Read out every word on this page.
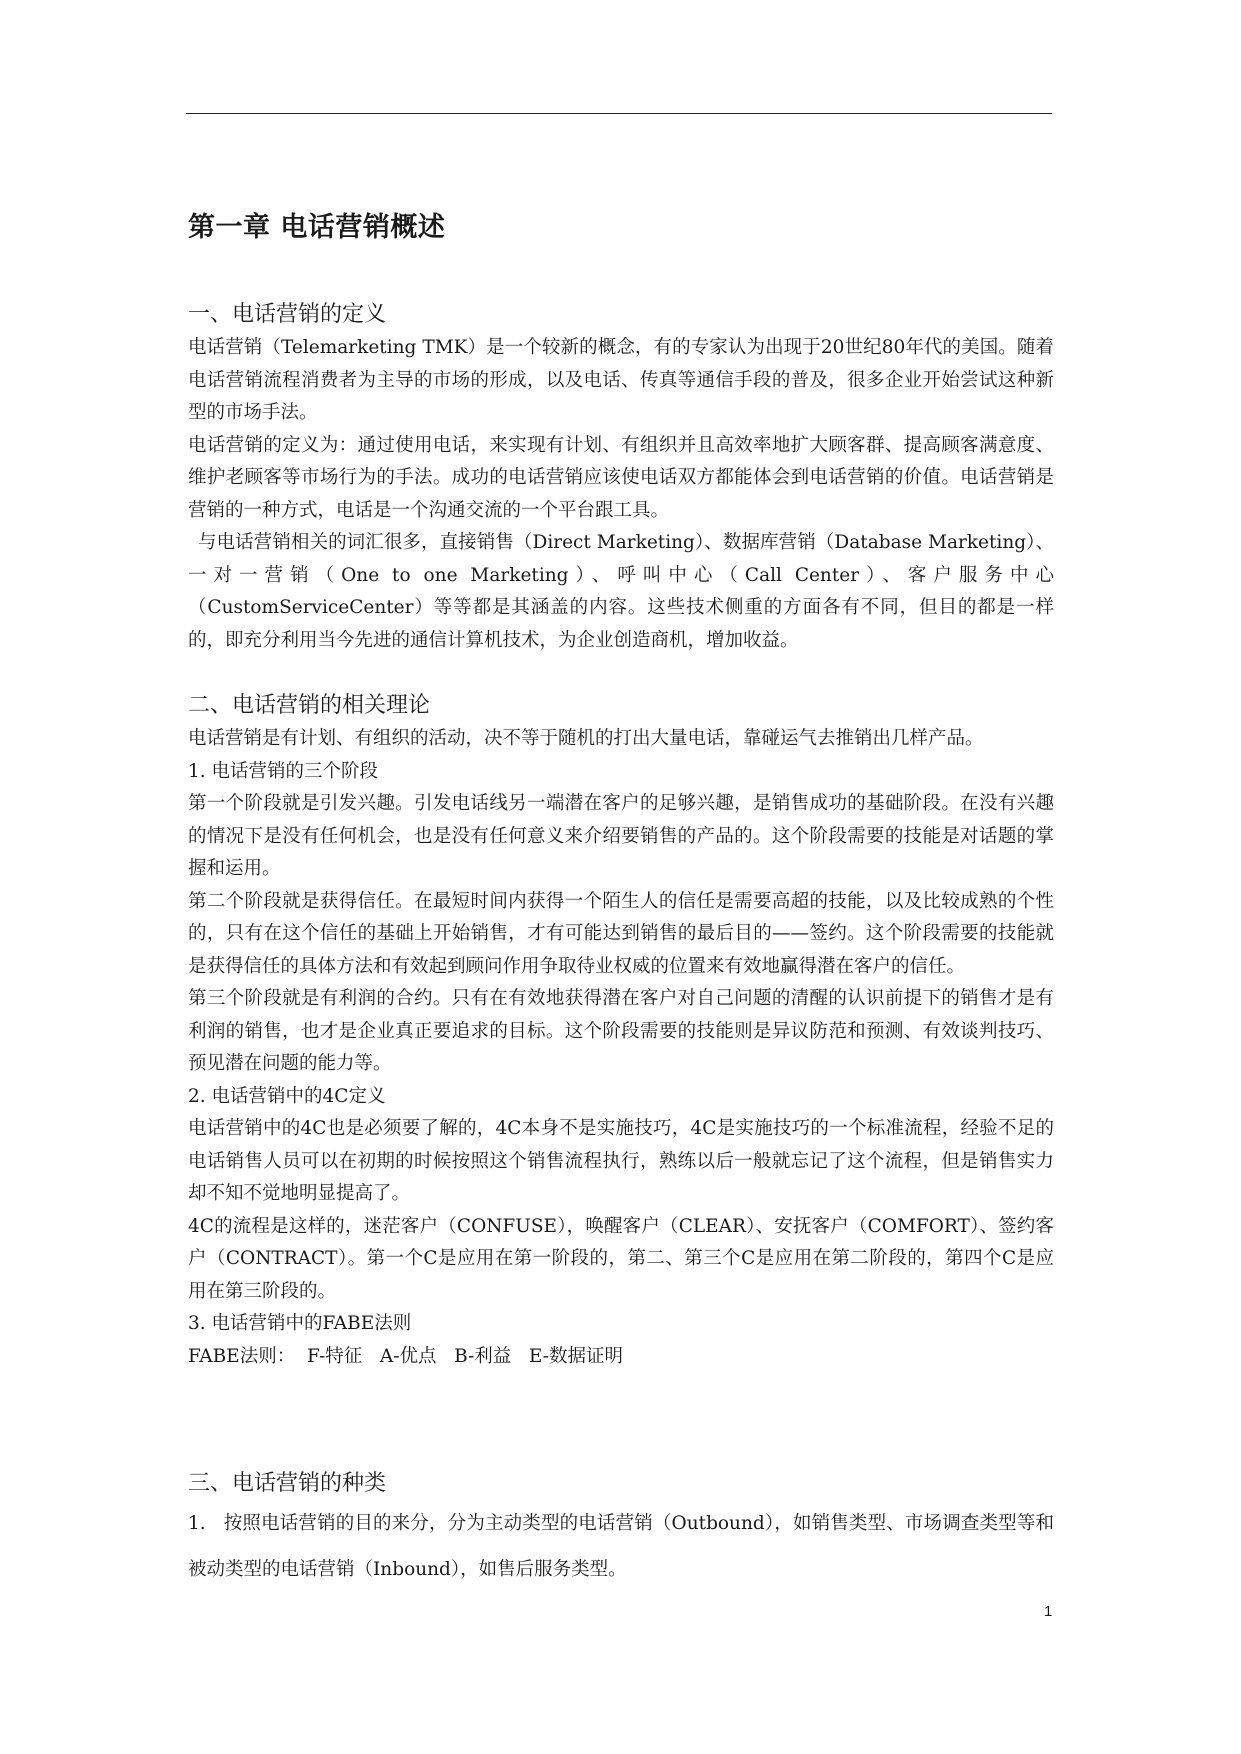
第一章 电话营销概述
一、电话营销的定义

电话营销（Telemarketing TMK）是一个较新的概念，有的专家认为出现于20世纪80年代的美国。随着电话营销流程消费者为主导的市场的形成，以及电话、传真等通信手段的普及，很多企业开始尝试这种新型的市场手法。

电话营销的定义为：通过使用电话，来实现有计划、有组织并且高效率地扩大顾客群、提高顾客满意度、维护老顾客等市场行为的手法。成功的电话营销应该使电话双方都能体会到电话营销的价值。电话营销是营销的一种方式，电话是一个沟通交流的一个平台跟工具。

与电话营销相关的词汇很多，直接销售（Direct Marketing）、数据库营销（Database Marketing）、一对一营销（One to one Marketing）、呼叫中心（Call Center）、客户服务中心（CustomServiceCenter）等等都是其涵盖的内容。这些技术侧重的方面各有不同，但目的都是一样的，即充分利用当今先进的通信计算机技术，为企业创造商机，增加收益。

二、电话营销的相关理论

电话营销是有计划、有组织的活动，决不等于随机的打出大量电话，靠碰运气去推销出几样产品。

1. 电话营销的三个阶段

第一个阶段就是引发兴趣。引发电话线另一端潜在客户的足够兴趣，是销售成功的基础阶段。在没有兴趣的情况下是没有任何机会，也是没有任何意义来介绍要销售的产品的。这个阶段需要的技能是对话题的掌握和运用。

第二个阶段就是获得信任。在最短时间内获得一个陌生人的信任是需要高超的技能，以及比较成熟的个性的，只有在这个信任的基础上开始销售，才有可能达到销售的最后目的——签约。这个阶段需要的技能就是获得信任的具体方法和有效起到顾问作用争取待业权威的位置来有效地赢得潜在客户的信任。

第三个阶段就是有利润的合约。只有在有效地获得潜在客户对自己问题的清醒的认识前提下的销售才是有利润的销售，也才是企业真正要追求的目标。这个阶段需要的技能则是异议防范和预测、有效谈判技巧、预见潜在问题的能力等。

2. 电话营销中的4C定义

电话营销中的4C也是必须要了解的，4C本身不是实施技巧，4C是实施技巧的一个标准流程，经验不足的电话销售人员可以在初期的时候按照这个销售流程执行，熟练以后一般就忘记了这个流程，但是销售实力却不知不觉地明显提高了。

4C的流程是这样的，迷茫客户（CONFUSE），唤醒客户（CLEAR）、安抚客户（COMFORT）、签约客户（CONTRACT）。第一个C是应用在第一阶段的，第二、第三个C是应用在第二阶段的，第四个C是应用在第三阶段的。

3. 电话营销中的FABE法则

FABE法则：  F-特征   A-优点   B-利益   E-数据证明

三、电话营销的种类

1.   按照电话营销的目的来分，分为主动类型的电话营销（Outbound），如销售类型、市场调查类型等和被动类型的电话营销（Inbound），如售后服务类型。

1
